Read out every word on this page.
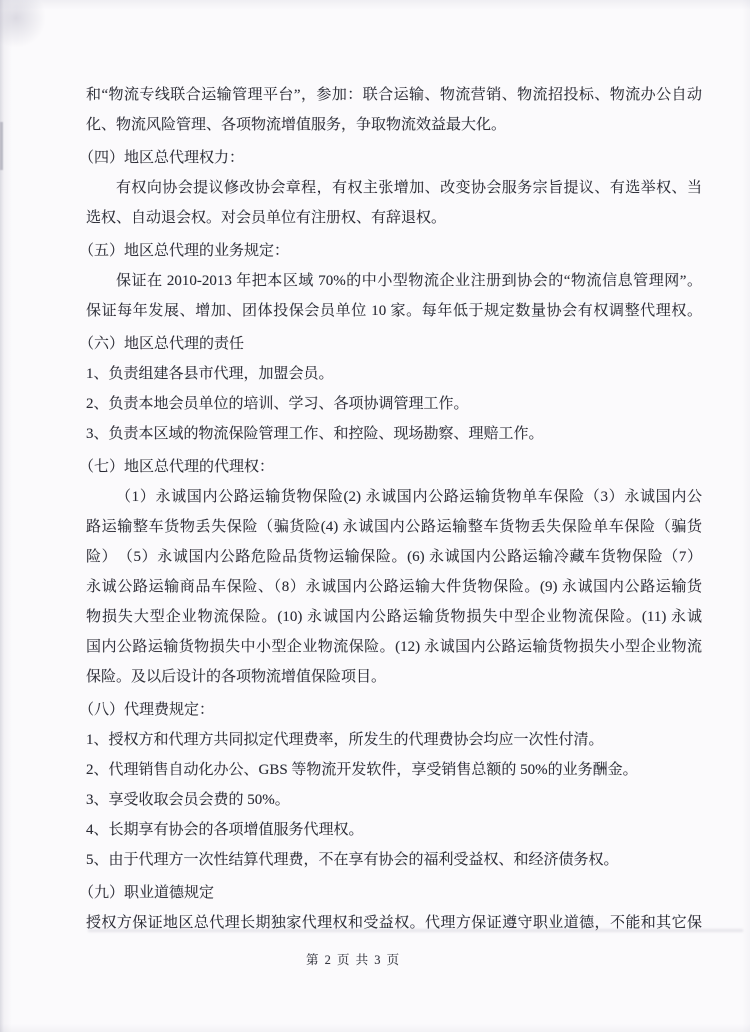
和“物流专线联合运输管理平台”，参加：联合运输、物流营销、物流招投标、物流办公自动
化、物流风险管理、各项物流增值服务，争取物流效益最大化。
（四）地区总代理权力：
有权向协会提议修改协会章程，有权主张增加、改变协会服务宗旨提议、有选举权、当
选权、自动退会权。对会员单位有注册权、有辞退权。
（五）地区总代理的业务规定：
保证在 2010-2013 年把本区域 70%的中小型物流企业注册到协会的“物流信息管理网”。
保证每年发展、增加、团体投保会员单位 10 家。每年低于规定数量协会有权调整代理权。
（六）地区总代理的责任
1、负责组建各县市代理，加盟会员。
2、负责本地会员单位的培训、学习、各项协调管理工作。
3、负责本区域的物流保险管理工作、和控险、现场勘察、理赔工作。
（七）地区总代理的代理权：
（1）永诚国内公路运输货物保险(2) 永诚国内公路运输货物单车保险（3）永诚国内公
路运输整车货物丢失保险（骗货险(4) 永诚国内公路运输整车货物丢失保险单车保险（骗货
险）　（5）永诚国内公路危险品货物运输保险。(6) 永诚国内公路运输冷藏车货物保险（7）
永诚公路运输商品车保险、（8）永诚国内公路运输大件货物保险。(9) 永诚国内公路运输货
物损失大型企业物流保险。(10) 永诚国内公路运输货物损失中型企业物流保险。(11) 永诚
国内公路运输货物损失中小型企业物流保险。(12) 永诚国内公路运输货物损失小型企业物流
保险。及以后设计的各项物流增值保险项目。
（八）代理费规定：
1、授权方和代理方共同拟定代理费率，所发生的代理费协会均应一次性付清。
2、代理销售自动化办公、GBS 等物流开发软件，享受销售总额的 50%的业务酬金。
3、享受收取会员会费的 50%。
4、长期享有协会的各项增值服务代理权。
5、由于代理方一次性结算代理费，不在享有协会的福利受益权、和经济债务权。
（九）职业道德规定
授权方保证地区总代理长期独家代理权和受益权。代理方保证遵守职业道德，不能和其它保
第 2 页 共 3 页
